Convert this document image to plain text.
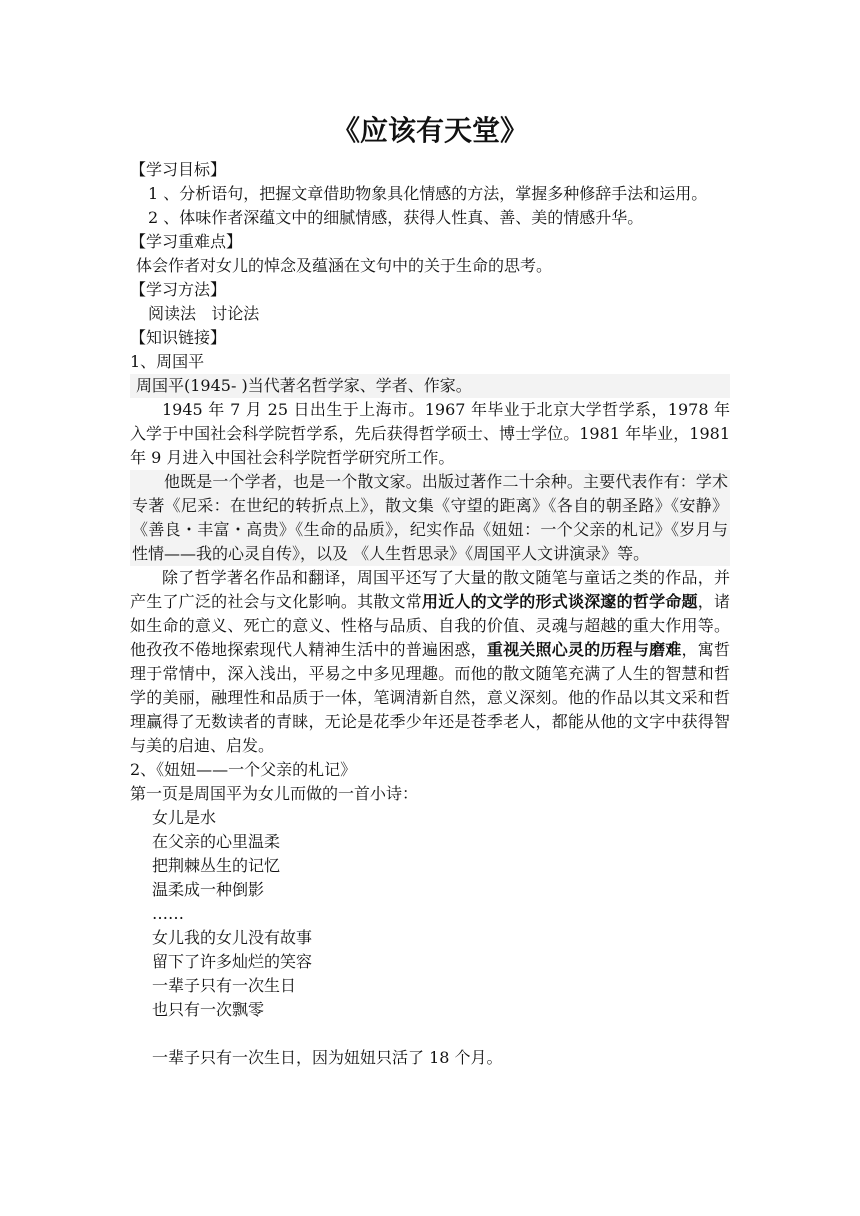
《应该有天堂》

【学习目标】

1 、分析语句，把握文章借助物象具化情感的方法，掌握多种修辞手法和运用。

2 、体味作者深蕴文中的细腻情感，获得人性真、善、美的情感升华。

【学习重难点】

体会作者对女儿的悼念及蕴涵在文句中的关于生命的思考。

【学习方法】

阅读法   讨论法

【知识链接】

1、周国平

周国平(1945- )当代著名哲学家、学者、作家。

1945 年 7 月 25 日出生于上海市。1967 年毕业于北京大学哲学系，1978 年入学于中国社会科学院哲学系，先后获得哲学硕士、博士学位。1981 年毕业，1981 年 9 月进入中国社会科学院哲学研究所工作。

他既是一个学者，也是一个散文家。出版过著作二十余种。主要代表作有：学术专著《尼采：在世纪的转折点上》，散文集《守望的距离》《各自的朝圣路》《安静》《善良・丰富・高贵》《生命的品质》，纪实作品《妞妞：一个父亲的札记》《岁月与性情——我的心灵自传》，以及 《人生哲思录》《周国平人文讲演录》等。

除了哲学著名作品和翻译，周国平还写了大量的散文随笔与童话之类的作品，并产生了广泛的社会与文化影响。其散文常用近人的文学的形式谈深邃的哲学命题，诸如生命的意义、死亡的意义、性格与品质、自我的价值、灵魂与超越的重大作用等。他孜孜不倦地探索现代人精神生活中的普遍困惑，重视关照心灵的历程与磨难，寓哲理于常情中，深入浅出，平易之中多见理趣。而他的散文随笔充满了人生的智慧和哲学的美丽，融理性和品质于一体，笔调清新自然，意义深刻。他的作品以其文采和哲理赢得了无数读者的青睐，无论是花季少年还是苍季老人，都能从他的文字中获得智与美的启迪、启发。

2、《妞妞——一个父亲的札记》

第一页是周国平为女儿而做的一首小诗：

女儿是水

在父亲的心里温柔

把荆棘丛生的记忆

温柔成一种倒影

……

女儿我的女儿没有故事

留下了许多灿烂的笑容

一辈子只有一次生日

也只有一次飘零

一辈子只有一次生日，因为妞妞只活了 18 个月。
